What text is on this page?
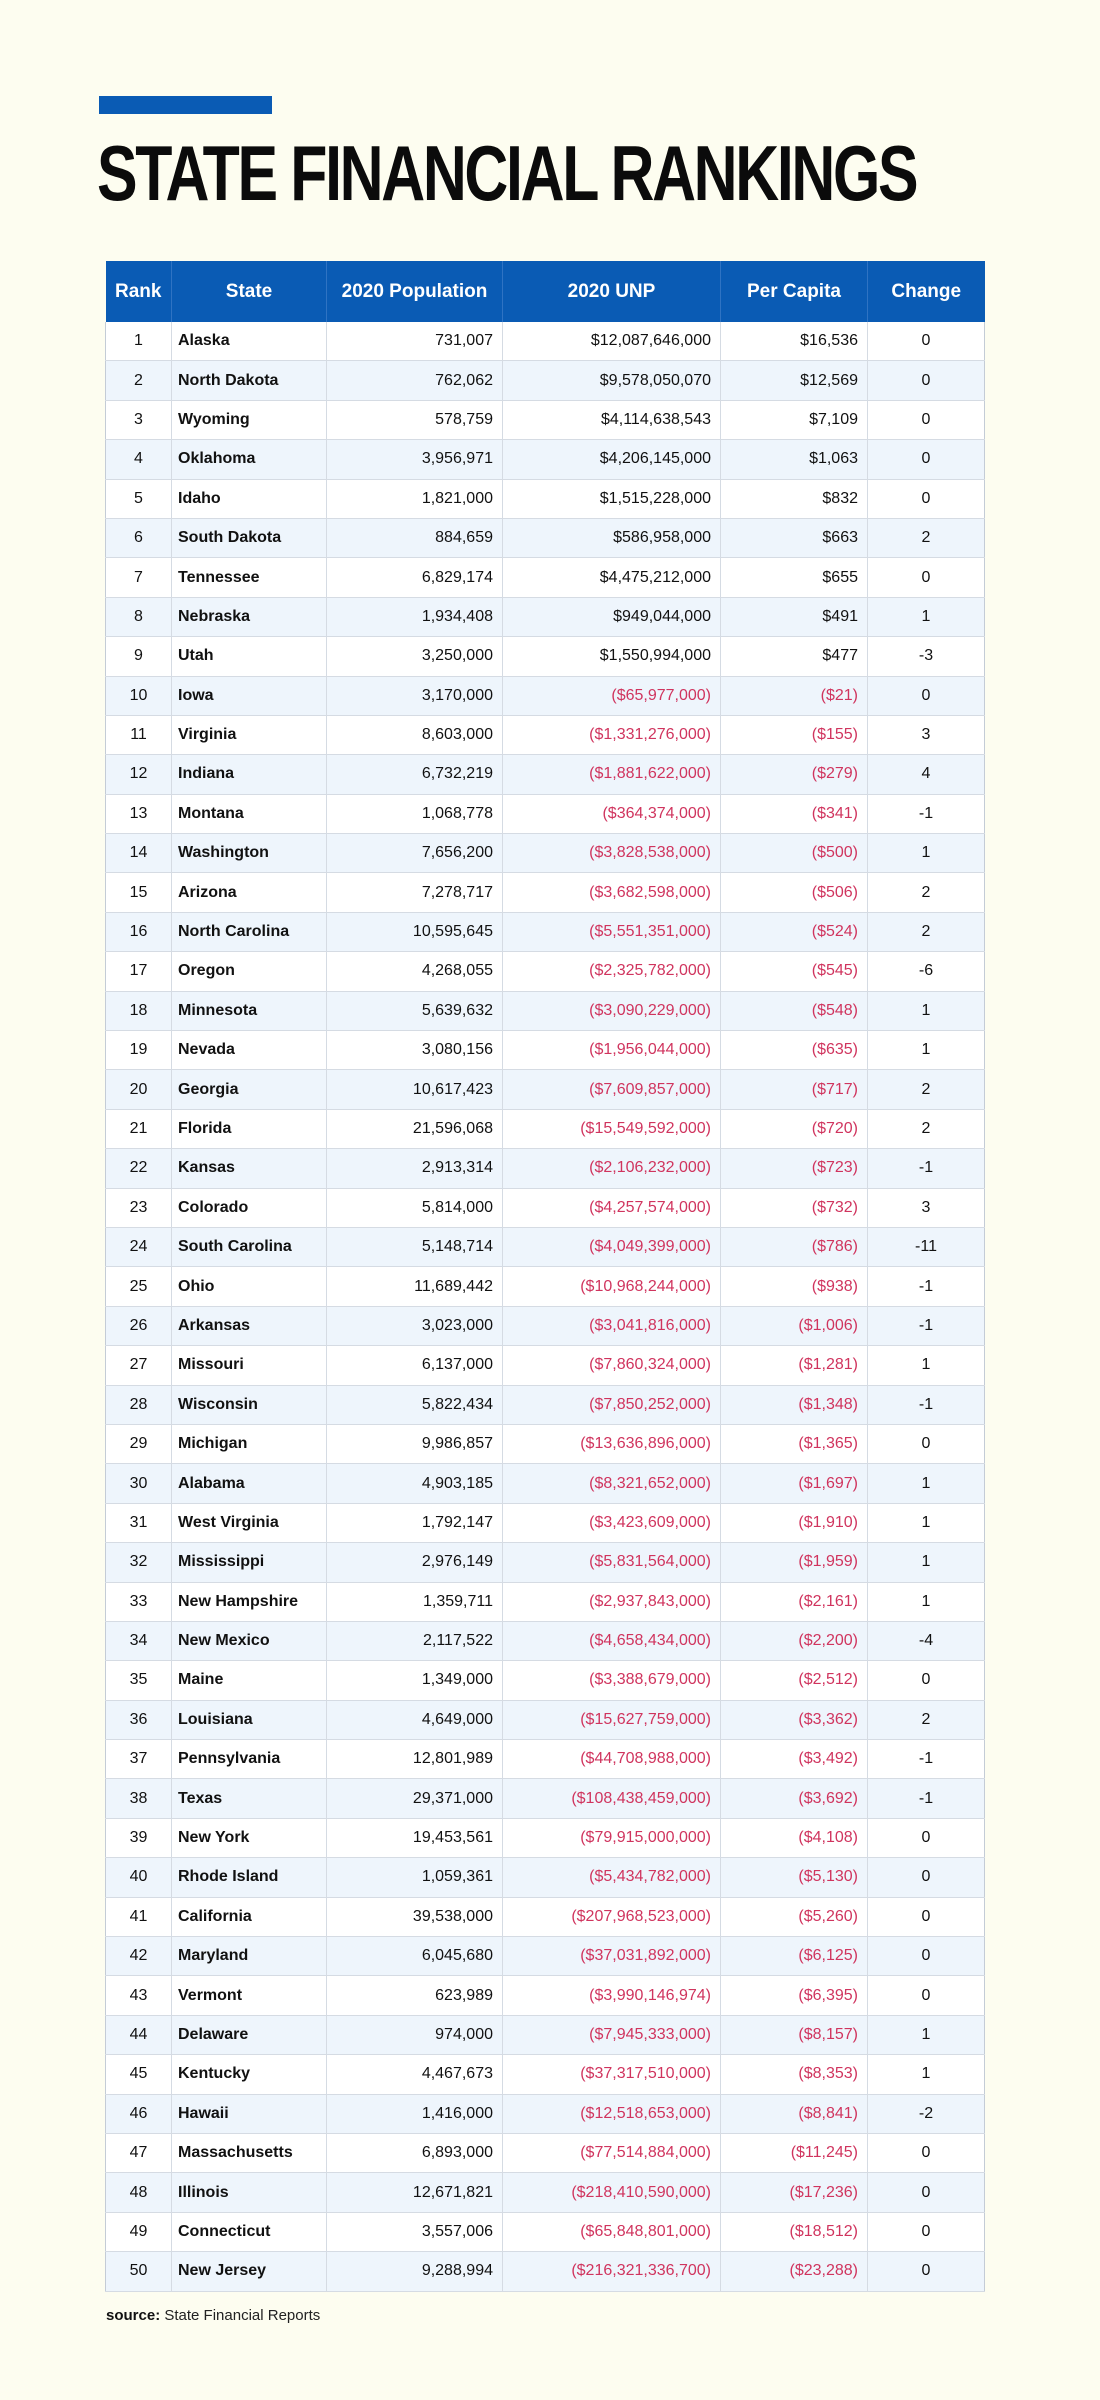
STATE FINANCIAL RANKINGS
Rank	State	2020 Population	2020 UNP	Per Capita	Change
1	Alaska	731,007	$12,087,646,000	$16,536	0
2	North Dakota	762,062	$9,578,050,070	$12,569	0
3	Wyoming	578,759	$4,114,638,543	$7,109	0
4	Oklahoma	3,956,971	$4,206,145,000	$1,063	0
5	Idaho	1,821,000	$1,515,228,000	$832	0
6	South Dakota	884,659	$586,958,000	$663	2
7	Tennessee	6,829,174	$4,475,212,000	$655	0
8	Nebraska	1,934,408	$949,044,000	$491	1
9	Utah	3,250,000	$1,550,994,000	$477	-3
10	Iowa	3,170,000	($65,977,000)	($21)	0
11	Virginia	8,603,000	($1,331,276,000)	($155)	3
12	Indiana	6,732,219	($1,881,622,000)	($279)	4
13	Montana	1,068,778	($364,374,000)	($341)	-1
14	Washington	7,656,200	($3,828,538,000)	($500)	1
15	Arizona	7,278,717	($3,682,598,000)	($506)	2
16	North Carolina	10,595,645	($5,551,351,000)	($524)	2
17	Oregon	4,268,055	($2,325,782,000)	($545)	-6
18	Minnesota	5,639,632	($3,090,229,000)	($548)	1
19	Nevada	3,080,156	($1,956,044,000)	($635)	1
20	Georgia	10,617,423	($7,609,857,000)	($717)	2
21	Florida	21,596,068	($15,549,592,000)	($720)	2
22	Kansas	2,913,314	($2,106,232,000)	($723)	-1
23	Colorado	5,814,000	($4,257,574,000)	($732)	3
24	South Carolina	5,148,714	($4,049,399,000)	($786)	-11
25	Ohio	11,689,442	($10,968,244,000)	($938)	-1
26	Arkansas	3,023,000	($3,041,816,000)	($1,006)	-1
27	Missouri	6,137,000	($7,860,324,000)	($1,281)	1
28	Wisconsin	5,822,434	($7,850,252,000)	($1,348)	-1
29	Michigan	9,986,857	($13,636,896,000)	($1,365)	0
30	Alabama	4,903,185	($8,321,652,000)	($1,697)	1
31	West Virginia	1,792,147	($3,423,609,000)	($1,910)	1
32	Mississippi	2,976,149	($5,831,564,000)	($1,959)	1
33	New Hampshire	1,359,711	($2,937,843,000)	($2,161)	1
34	New Mexico	2,117,522	($4,658,434,000)	($2,200)	-4
35	Maine	1,349,000	($3,388,679,000)	($2,512)	0
36	Louisiana	4,649,000	($15,627,759,000)	($3,362)	2
37	Pennsylvania	12,801,989	($44,708,988,000)	($3,492)	-1
38	Texas	29,371,000	($108,438,459,000)	($3,692)	-1
39	New York	19,453,561	($79,915,000,000)	($4,108)	0
40	Rhode Island	1,059,361	($5,434,782,000)	($5,130)	0
41	California	39,538,000	($207,968,523,000)	($5,260)	0
42	Maryland	6,045,680	($37,031,892,000)	($6,125)	0
43	Vermont	623,989	($3,990,146,974)	($6,395)	0
44	Delaware	974,000	($7,945,333,000)	($8,157)	1
45	Kentucky	4,467,673	($37,317,510,000)	($8,353)	1
46	Hawaii	1,416,000	($12,518,653,000)	($8,841)	-2
47	Massachusetts	6,893,000	($77,514,884,000)	($11,245)	0
48	Illinois	12,671,821	($218,410,590,000)	($17,236)	0
49	Connecticut	3,557,006	($65,848,801,000)	($18,512)	0
50	New Jersey	9,288,994	($216,321,336,700)	($23,288)	0
source: State Financial Reports
